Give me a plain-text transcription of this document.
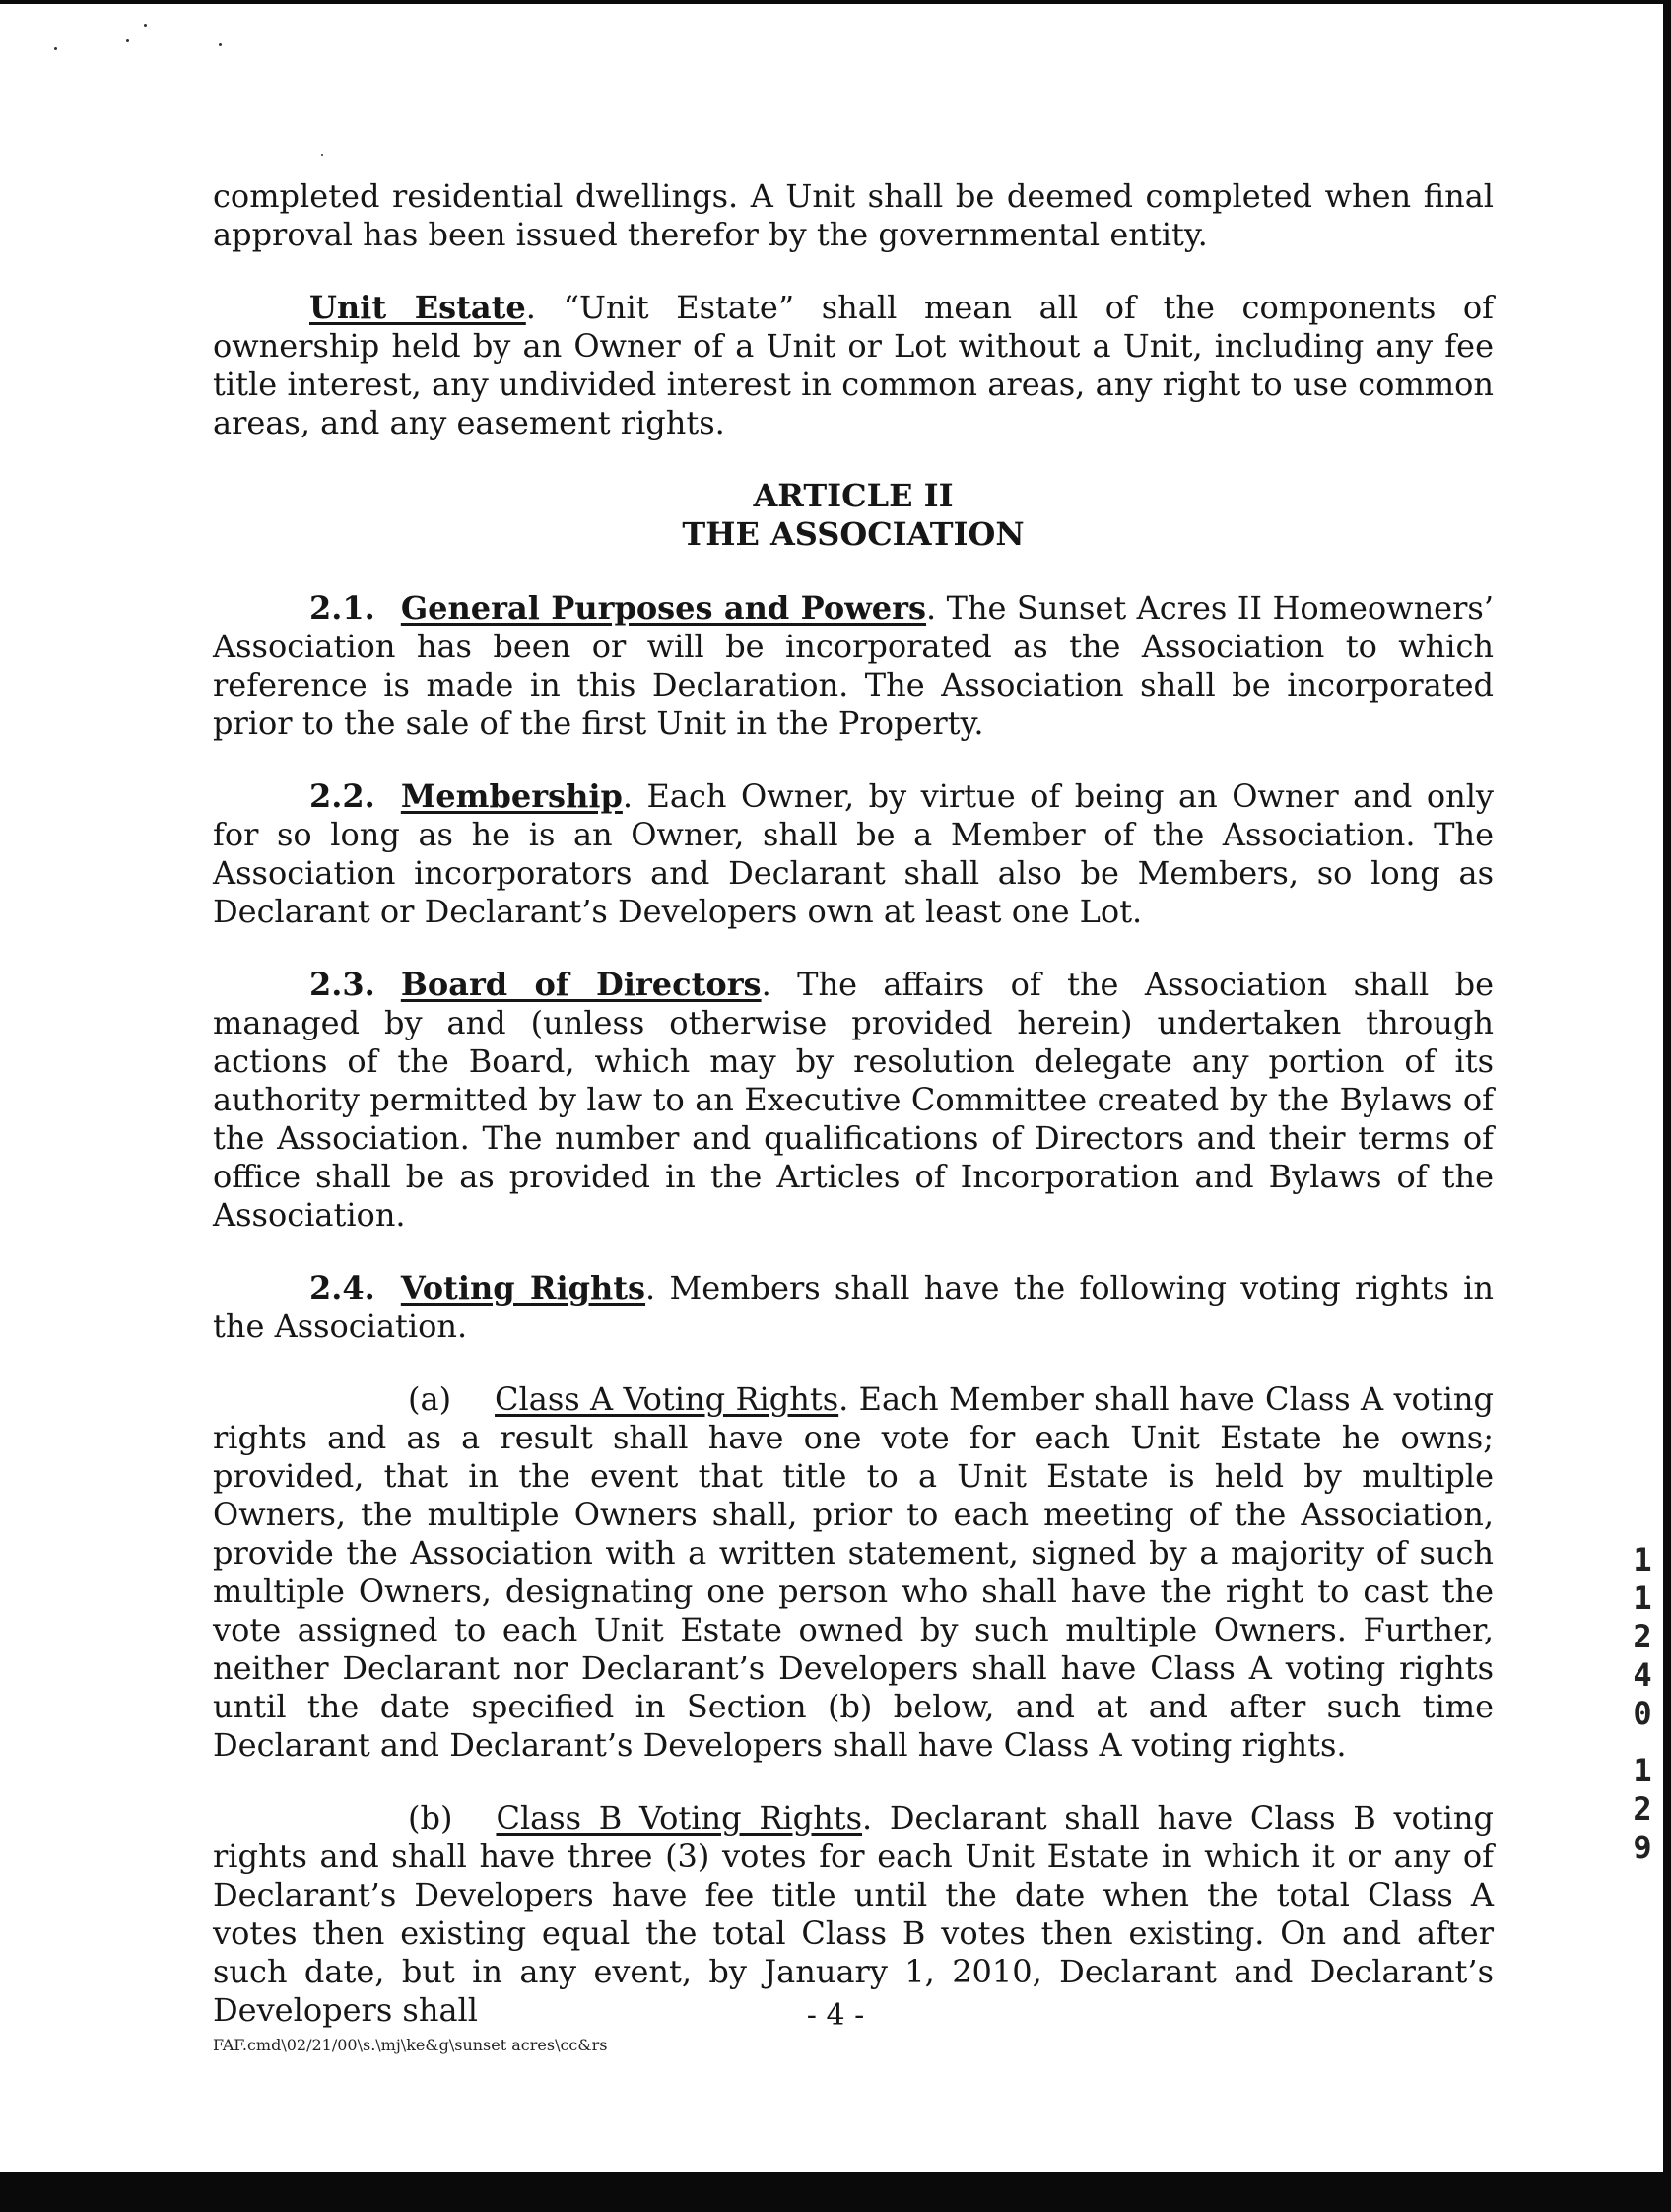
completed residential dwellings. A Unit shall be deemed completed when final approval has been issued therefor by the governmental entity.

Unit Estate. “Unit Estate” shall mean all of the components of ownership held by an Owner of a Unit or Lot without a Unit, including any fee title interest, any undivided interest in common areas, any right to use common areas, and any easement rights.

ARTICLE II
THE ASSOCIATION

2.1. General Purposes and Powers. The Sunset Acres II Homeowners’ Association has been or will be incorporated as the Association to which reference is made in this Declaration. The Association shall be incorporated prior to the sale of the first Unit in the Property.

2.2. Membership. Each Owner, by virtue of being an Owner and only for so long as he is an Owner, shall be a Member of the Association. The Association incorporators and Declarant shall also be Members, so long as Declarant or Declarant’s Developers own at least one Lot.

2.3. Board of Directors. The affairs of the Association shall be managed by and (unless otherwise provided herein) undertaken through actions of the Board, which may by resolution delegate any portion of its authority permitted by law to an Executive Committee created by the Bylaws of the Association. The number and qualifications of Directors and their terms of office shall be as provided in the Articles of Incorporation and Bylaws of the Association.

2.4. Voting Rights. Members shall have the following voting rights in the Association.

(a) Class A Voting Rights. Each Member shall have Class A voting rights and as a result shall have one vote for each Unit Estate he owns; provided, that in the event that title to a Unit Estate is held by multiple Owners, the multiple Owners shall, prior to each meeting of the Association, provide the Association with a written statement, signed by a majority of such multiple Owners, designating one person who shall have the right to cast the vote assigned to each Unit Estate owned by such multiple Owners. Further, neither Declarant nor Declarant’s Developers shall have Class A voting rights until the date specified in Section (b) below, and at and after such time Declarant and Declarant’s Developers shall have Class A voting rights.

(b) Class B Voting Rights. Declarant shall have Class B voting rights and shall have three (3) votes for each Unit Estate in which it or any of Declarant’s Developers have fee title until the date when the total Class A votes then existing equal the total Class B votes then existing. On and after such date, but in any event, by January 1, 2010, Declarant and Declarant’s Developers shall

1
1
2
4
0
1
2
9
- 4 -
FAF.cmd\02/21/00\s.\mj\ke&g\sunset acres\cc&rs
